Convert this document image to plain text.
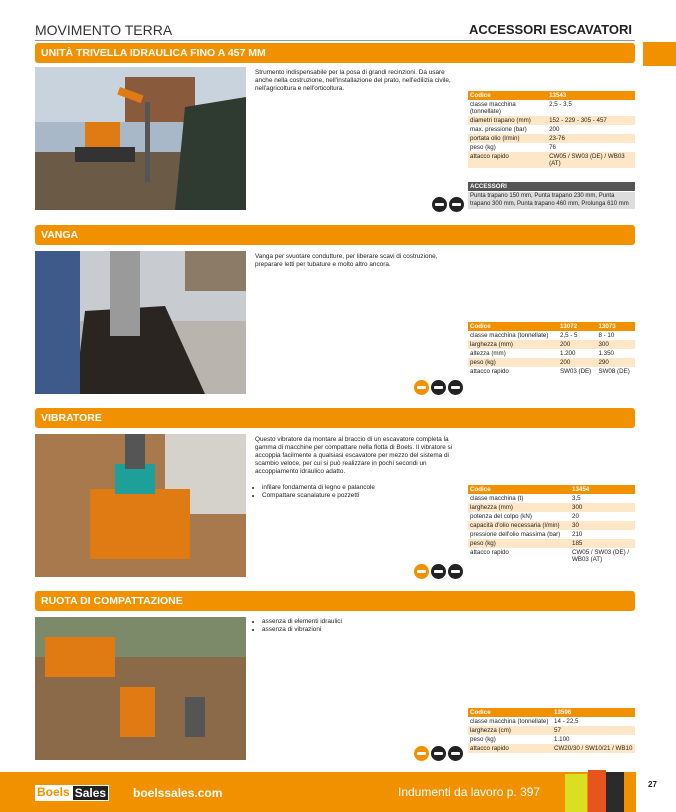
MOVIMENTO TERRA	ACCESSORI ESCAVATORI
UNITÀ TRIVELLA IDRAULICA FINO A 457 MM
Strumento indispensabile per la posa di grandi recinzioni. Da usare anche nella costruzione, nell'installazione del prato, nell'edilizia civile, nell'agricoltura e nell'orticoltura.
Codice	13543
classe macchina (tonnellate)	2,5 - 3,5
diametri trapano (mm)	152 - 229 - 305 - 457
max. pressione (bar)	200
portata olio (l/min)	23-76
peso (kg)	76
attacco rapido	CW05 / SW03 (DE) / WB03 (AT)
ACCESSORI
Punta trapano 150 mm, Punta trapano 230 mm, Punta trapano 300 mm, Punta trapano 460 mm, Prolunga 610 mm
VANGA
Vanga per svuotare condutture, per liberare scavi di costruzione, preparare letti per tubature e molto altro ancora.
Codice	13072	13073
classe macchina (tonnellate)	2,5 - 5	8 - 10
larghezza (mm)	200	300
altezza (mm)	1.200	1.350
peso (kg)	200	290
attacco rapido	SW03 (DE)	SW08 (DE)
VIBRATORE
Questo vibratore da montare al braccio di un escavatore completa la gamma di macchine per compattare nella flotta di Boels. Il vibratore si accoppia facilmente a qualsiasi escavatore per mezzo del sistema di scambio veloce, per cui si può realizzare in pochi secondi un accoppiamento idraulico adatto.
• infilare fondamenta di legno e palancole
• Compattare scanalature e pozzetti
Codice	13454
classe macchina (t)	3,5
larghezza (mm)	300
potenza del colpo (kN)	20
capacità d'olio necessaria (l/min)	30
pressione dell'olio massima (bar)	210
peso (kg)	185
attacco rapido	CW05 / SW03 (DE) / WB03 (AT)
RUOTA DI COMPATTAZIONE
• assenza di elementi idraulici
• assenza di vibrazioni
Codice	13596
classe macchina (tonnellate)	14 - 22,5
larghezza (cm)	57
peso (kg)	1.100
attacco rapido	CW20/30 / SW10/21 / WB10
Boels Sales boelssales.com	Indumenti da lavoro p. 397
27
